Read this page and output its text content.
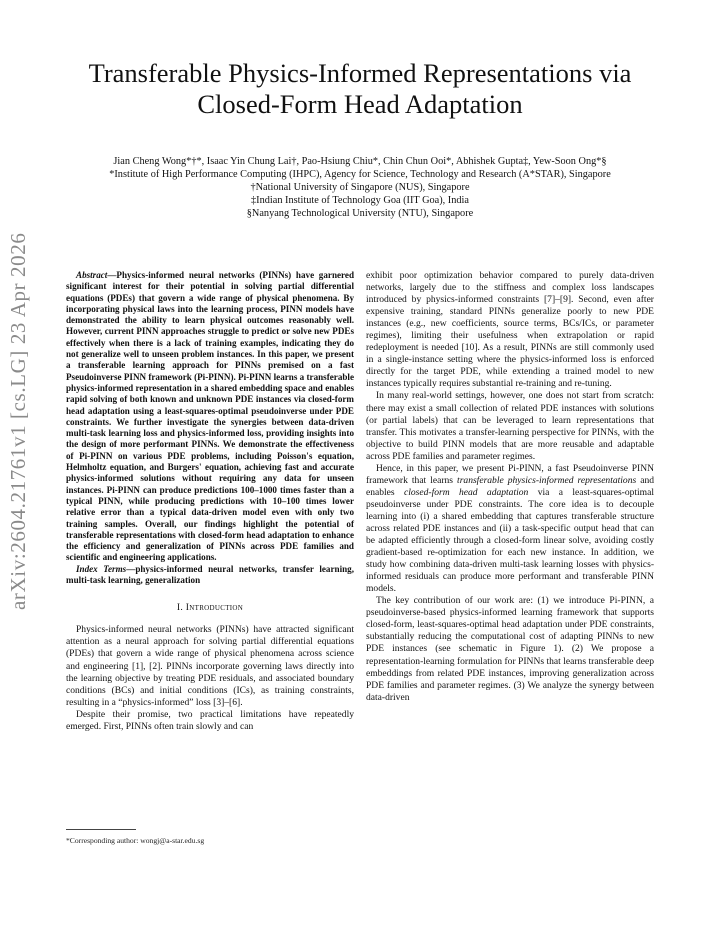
Transferable Physics-Informed Representations via
Closed-Form Head Adaptation
Jian Cheng Wong*†*, Isaac Yin Chung Lai†, Pao-Hsiung Chiu*, Chin Chun Ooi*, Abhishek Gupta‡, Yew-Soon Ong*§
*Institute of High Performance Computing (IHPC), Agency for Science, Technology and Research (A*STAR), Singapore
†National University of Singapore (NUS), Singapore
‡Indian Institute of Technology Goa (IIT Goa), India
§Nanyang Technological University (NTU), Singapore
arXiv:2604.21761v1 [cs.LG] 23 Apr 2026	Abstract—Physics-informed neural networks (PINNs) have garnered significant interest for their potential in solving partial differential equations (PDEs) that govern a wide range of physical phenomena. By incorporating physical laws into the learning process, PINN models have demonstrated the ability to learn physical outcomes reasonably well. However, current PINN approaches struggle to predict or solve new PDEs effectively when there is a lack of training examples, indicating they do not generalize well to unseen problem instances. In this paper, we present a transferable learning approach for PINNs premised on a fast Pseudoinverse PINN framework (Pi-PINN). Pi-PINN learns a transferable physics-informed representation in a shared embedding space and enables rapid solving of both known and unknown PDE instances via closed-form head adaptation using a least-squares-optimal pseudoinverse under PDE constraints. We further investigate the synergies between data-driven multi-task learning loss and physics-informed loss, providing insights into the design of more performant PINNs. We demonstrate the effectiveness of Pi-PINN on various PDE problems, including Poisson's equation, Helmholtz equation, and Burgers' equation, achieving fast and accurate physics-informed solutions without requiring any data for unseen instances. Pi-PINN can produce predictions 100–1000 times faster than a typical PINN, while producing predictions with 10–100 times lower relative error than a typical data-driven model even with only two training samples. Overall, our findings highlight the potential of transferable representations with closed-form head adaptation to enhance the efficiency and generalization of PINNs across PDE families and scientific and engineering applications.

Index Terms—physics-informed neural networks, transfer learning, multi-task learning, generalization

I. Introduction

Physics-informed neural networks (PINNs) have attracted significant attention as a neural approach for solving partial differential equations (PDEs) that govern a wide range of physical phenomena across science and engineering [1], [2]. PINNs incorporate governing laws directly into the learning objective by treating PDE residuals, and associated boundary conditions (BCs) and initial conditions (ICs), as training constraints, resulting in a “physics-informed” loss [3]–[6].

Despite their promise, two practical limitations have repeatedly emerged. First, PINNs often train slowly and can

*Corresponding author: wongj@a-star.edu.sg

exhibit poor optimization behavior compared to purely data-driven networks, largely due to the stiffness and complex loss landscapes introduced by physics-informed constraints [7]–[9]. Second, even after expensive training, standard PINNs generalize poorly to new PDE instances (e.g., new coefficients, source terms, BCs/ICs, or parameter regimes), limiting their usefulness when extrapolation or rapid redeployment is needed [10]. As a result, PINNs are still commonly used in a single-instance setting where the physics-informed loss is enforced directly for the target PDE, while extending a trained model to new instances typically requires substantial re-training and re-tuning.

In many real-world settings, however, one does not start from scratch: there may exist a small collection of related PDE instances with solutions (or partial labels) that can be leveraged to learn representations that transfer. This motivates a transfer-learning perspective for PINNs, with the objective to build PINN models that are more reusable and adaptable across PDE families and parameter regimes.

Hence, in this paper, we present Pi-PINN, a fast Pseudoinverse PINN framework that learns transferable physics-informed representations and enables closed-form head adaptation via a least-squares-optimal pseudoinverse under PDE constraints. The core idea is to decouple learning into (i) a shared embedding that captures transferable structure across related PDE instances and (ii) a task-specific output head that can be adapted efficiently through a closed-form linear solve, avoiding costly gradient-based re-optimization for each new instance. In addition, we study how combining data-driven multi-task learning losses with physics-informed residuals can produce more performant and transferable PINN models.

The key contribution of our work are: (1) we introduce Pi-PINN, a pseudoinverse-based physics-informed learning framework that supports closed-form, least-squares-optimal head adaptation under PDE constraints, substantially reducing the computational cost of adapting PINNs to new PDE instances (see schematic in Figure 1). (2) We propose a representation-learning formulation for PINNs that learns transferable deep embeddings from related PDE instances, improving generalization across PDE families and parameter regimes. (3) We analyze the synergy between data-driven
